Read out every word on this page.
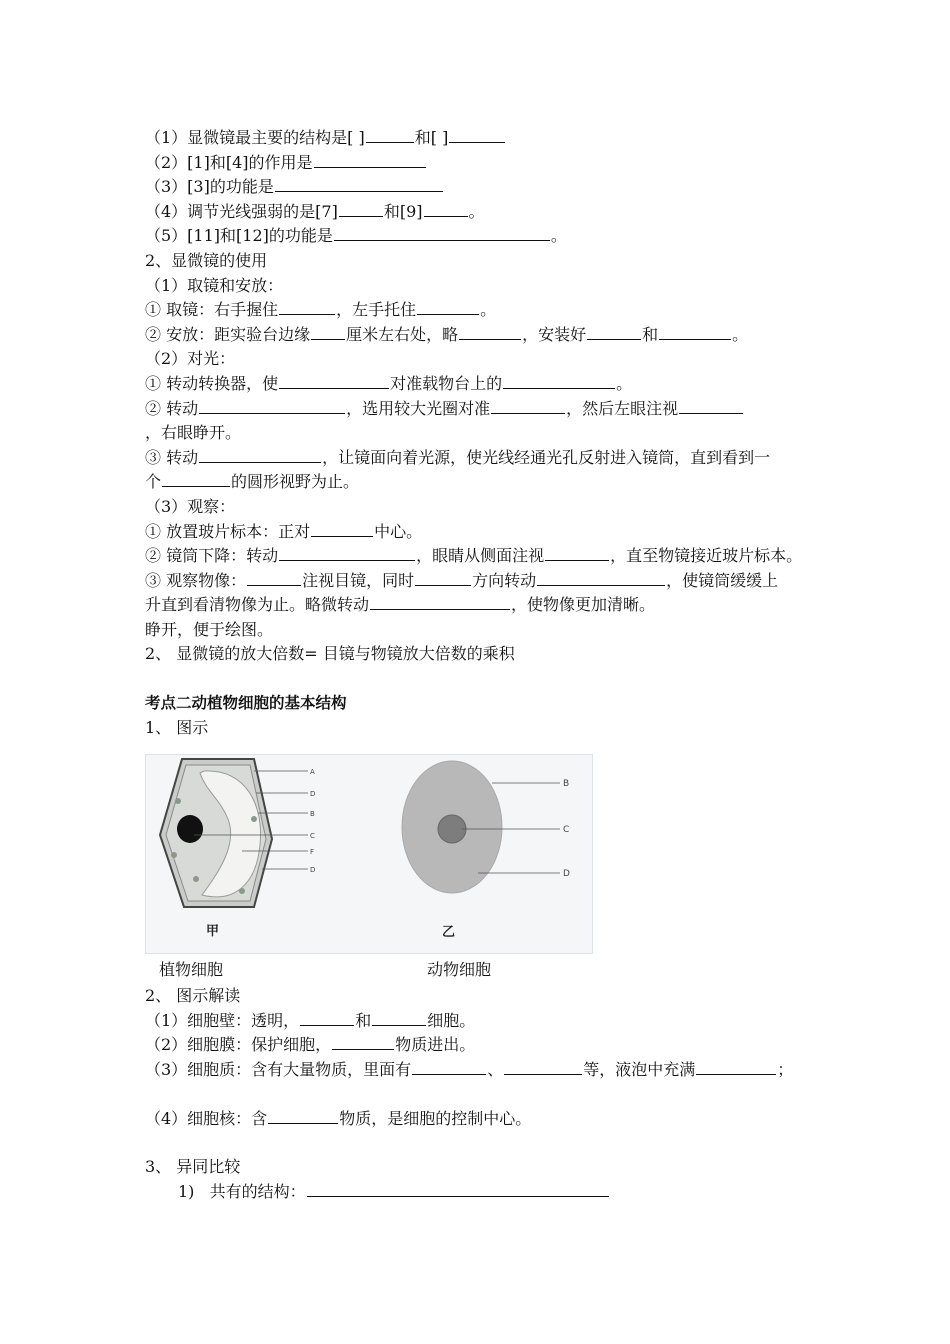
（1）显微镜最主要的结构是[ ]	和[ ]
（2）[1]和[4]的作用是
（3）[3]的功能是
（4）调节光线强弱的是[7]	和[9]	。
（5）[11]和[12]的功能是	。
2、显微镜的使用
（1）取镜和安放：
① 取镜：右手握住	，左手托住	。
② 安放：距实验台边缘 厘米左右处，略	，安装好	和	。
（2）对光：
① 转动转换器，使	对准载物台上的	。
② 转动	，选用较大光圈对准	，然后左眼注视
，右眼睁开。
③ 转动	，让镜面向着光源，使光线经通光孔反射进入镜筒，直到看到一
个	的圆形视野为止。
（3）观察：
① 放置玻片标本：正对	中心。
② 镜筒下降：转动	，眼睛从侧面注视	，直至物镜接近玻片标本。
③ 观察物像：	注视目镜，同时	方向转动	，使镜筒缓缓上
升直到看清物像为止。略微转动	，使物像更加清晰。
睁开，便于绘图。
2、 显微镜的放大倍数= 目镜与物镜放大倍数的乘积
考点二动植物细胞的基本结构
1、 图示
A
D
B
C
F
D
甲
B
C
D
乙
植物细胞	动物细胞
2、 图示解读
（1）细胞壁：透明，	和	细胞。
（2）细胞膜：保护细胞，	物质进出。
（3）细胞质：含有大量物质，里面有	、	等，液泡中充满	；
（4）细胞核：含	物质，是细胞的控制中心。
3、 异同比较
1)   共有的结构：
